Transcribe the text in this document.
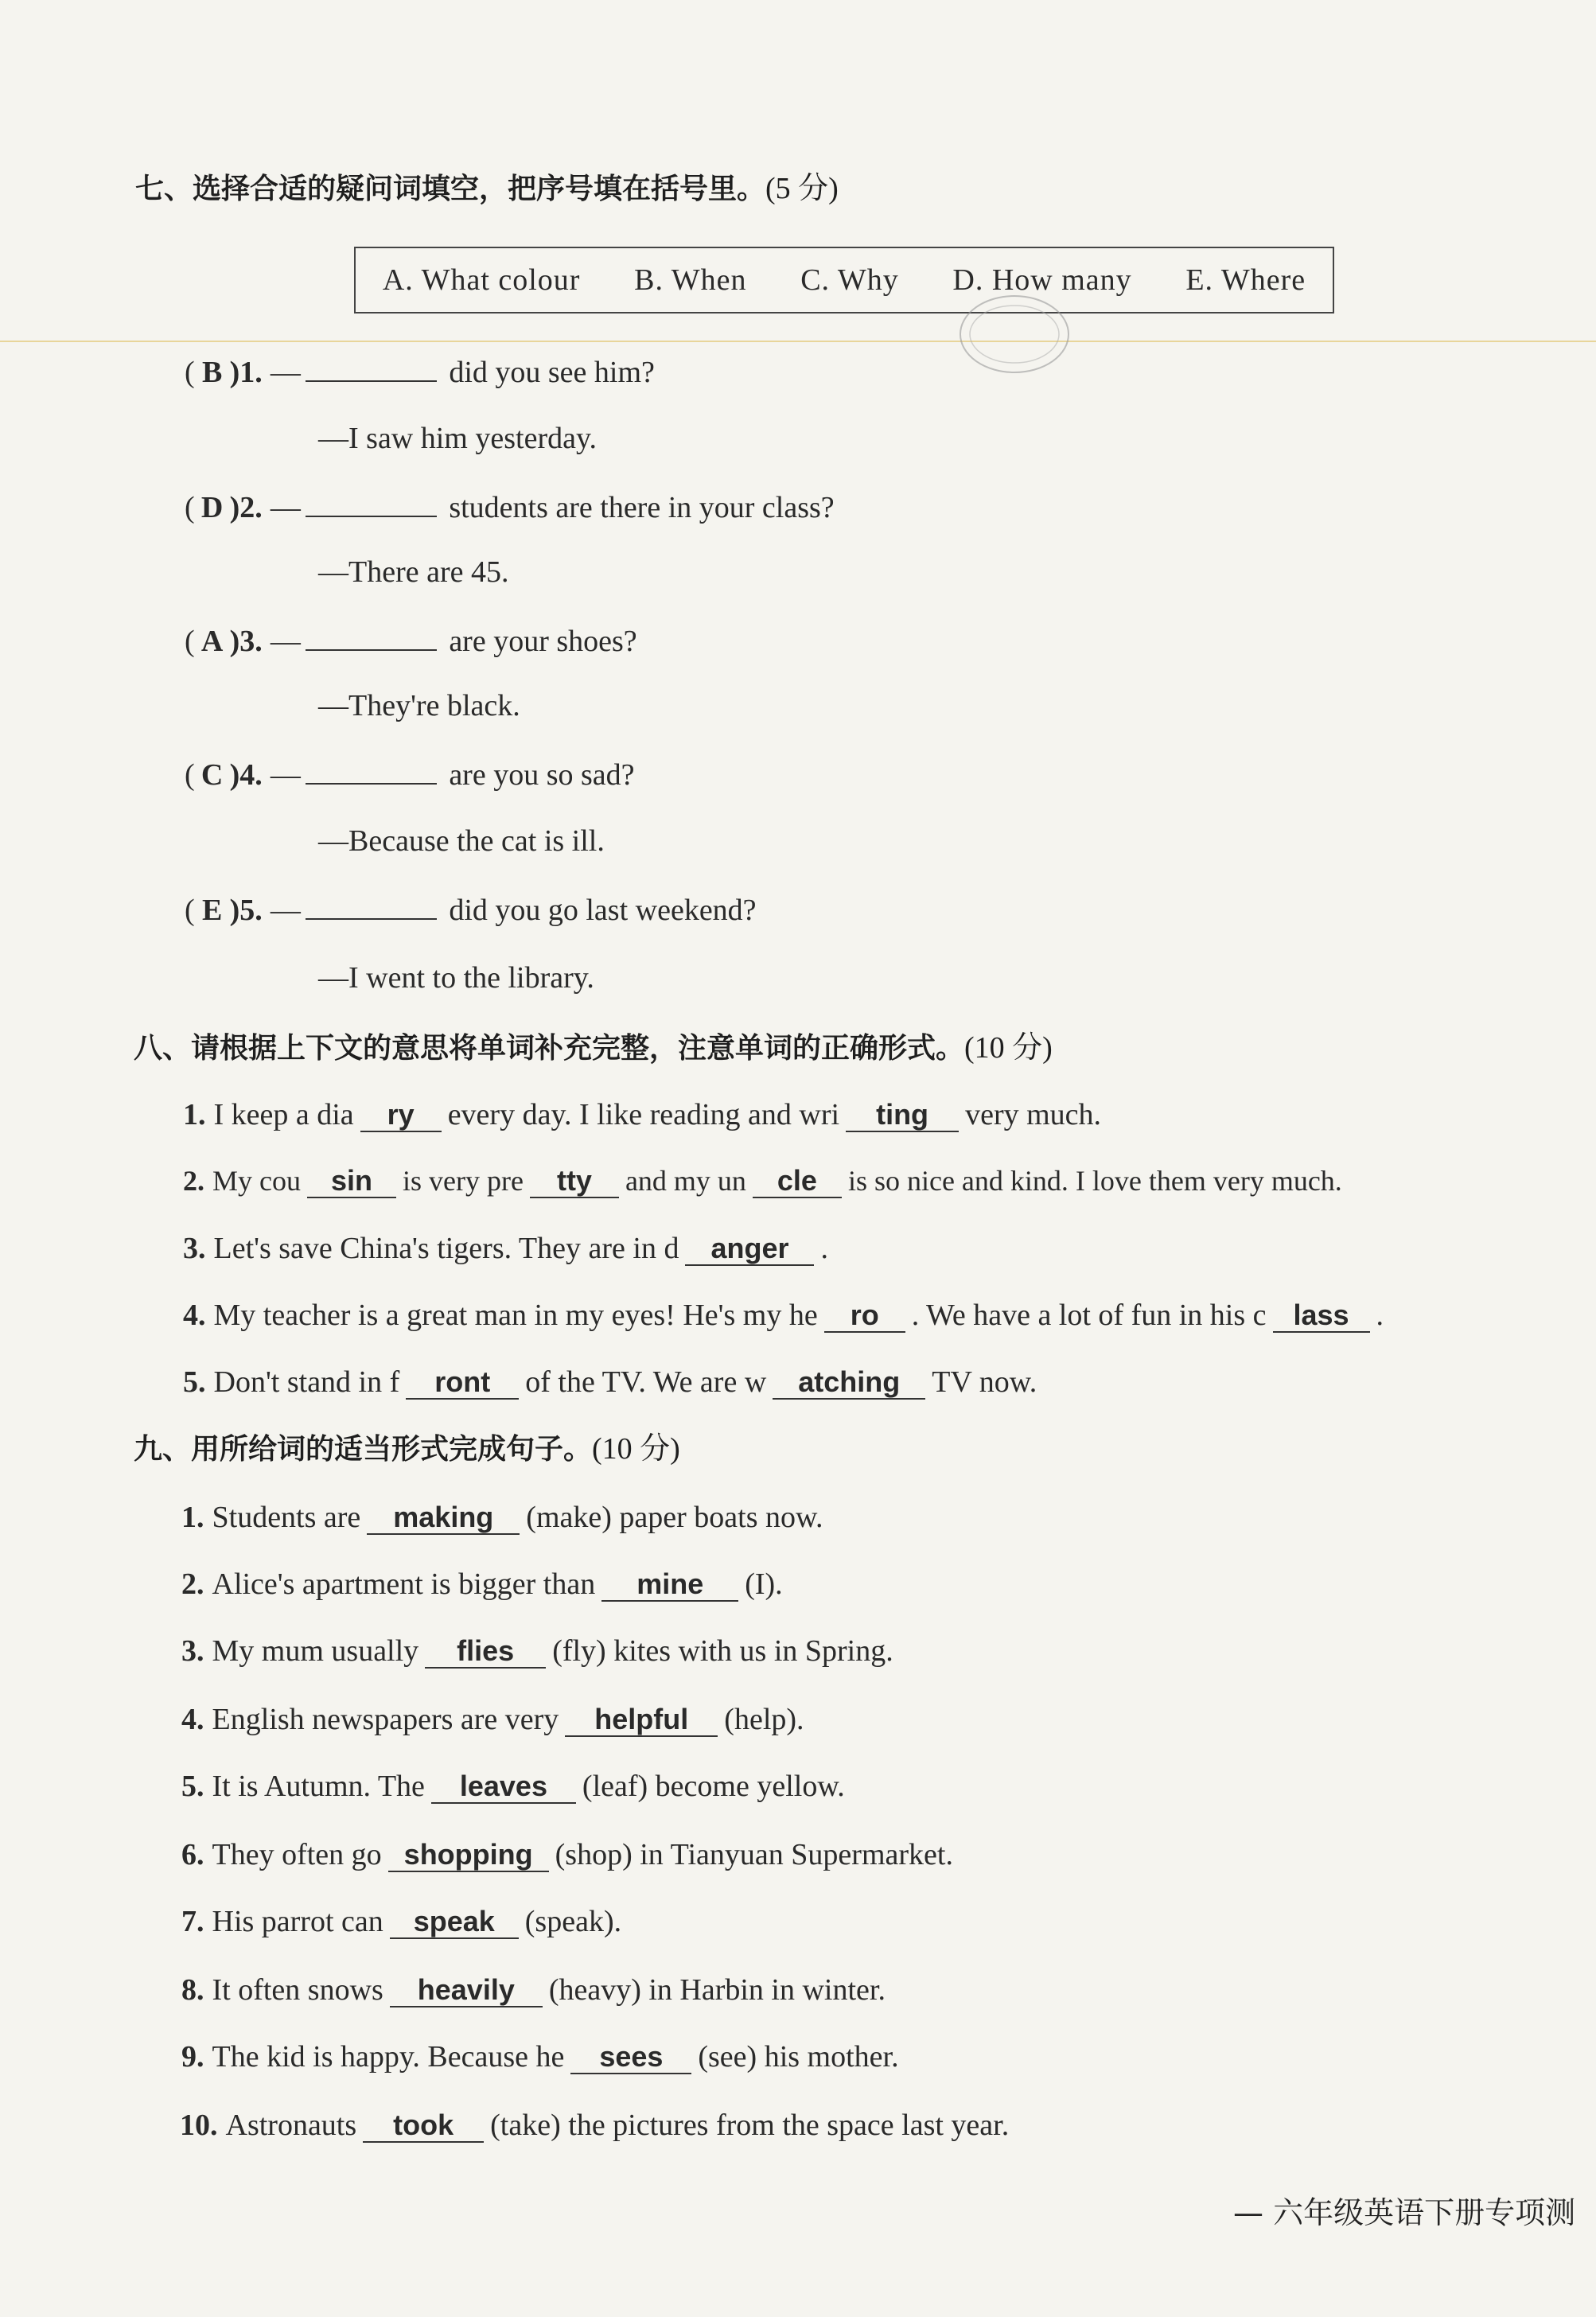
七、选择合适的疑问词填空，把序号填在括号里。(5 分)
A. What colour B. When C. Why D. How many E. Where
( B )1. —	did you see him?
—I saw him yesterday.
( D )2. —	students are there in your class?
—There are 45.
( A )3. —	are your shoes?
—They're black.
( C )4. —	are you so sad?
—Because the cat is ill.
( E )5. —	did you go last weekend?
—I went to the library.
八、请根据上下文的意思将单词补充完整，注意单词的正确形式。(10 分)
1. I keep a dia ry every day. I like reading and wri ting very much.
2. My cou sin is very pre tty and my un cle is so nice and kind. I love them very much.
3. Let's save China's tigers. They are in d anger .
4. My teacher is a great man in my eyes! He's my he ro . We have a lot of fun in his c lass .
5. Don't stand in f ront of the TV. We are w atching TV now.
九、用所给词的适当形式完成句子。(10 分)
1. Students are making (make) paper boats now.
2. Alice's apartment is bigger than mine (I).
3. My mum usually flies (fly) kites with us in Spring.
4. English newspapers are very helpful (help).
5. It is Autumn. The leaves (leaf) become yellow.
6. They often go shopping (shop) in Tianyuan Supermarket.
7. His parrot can speak (speak).
8. It often snows heavily (heavy) in Harbin in winter.
9. The kid is happy. Because he sees (see) his mother.
10. Astronauts took (take) the pictures from the space last year.
— 六年级英语下册专项测
